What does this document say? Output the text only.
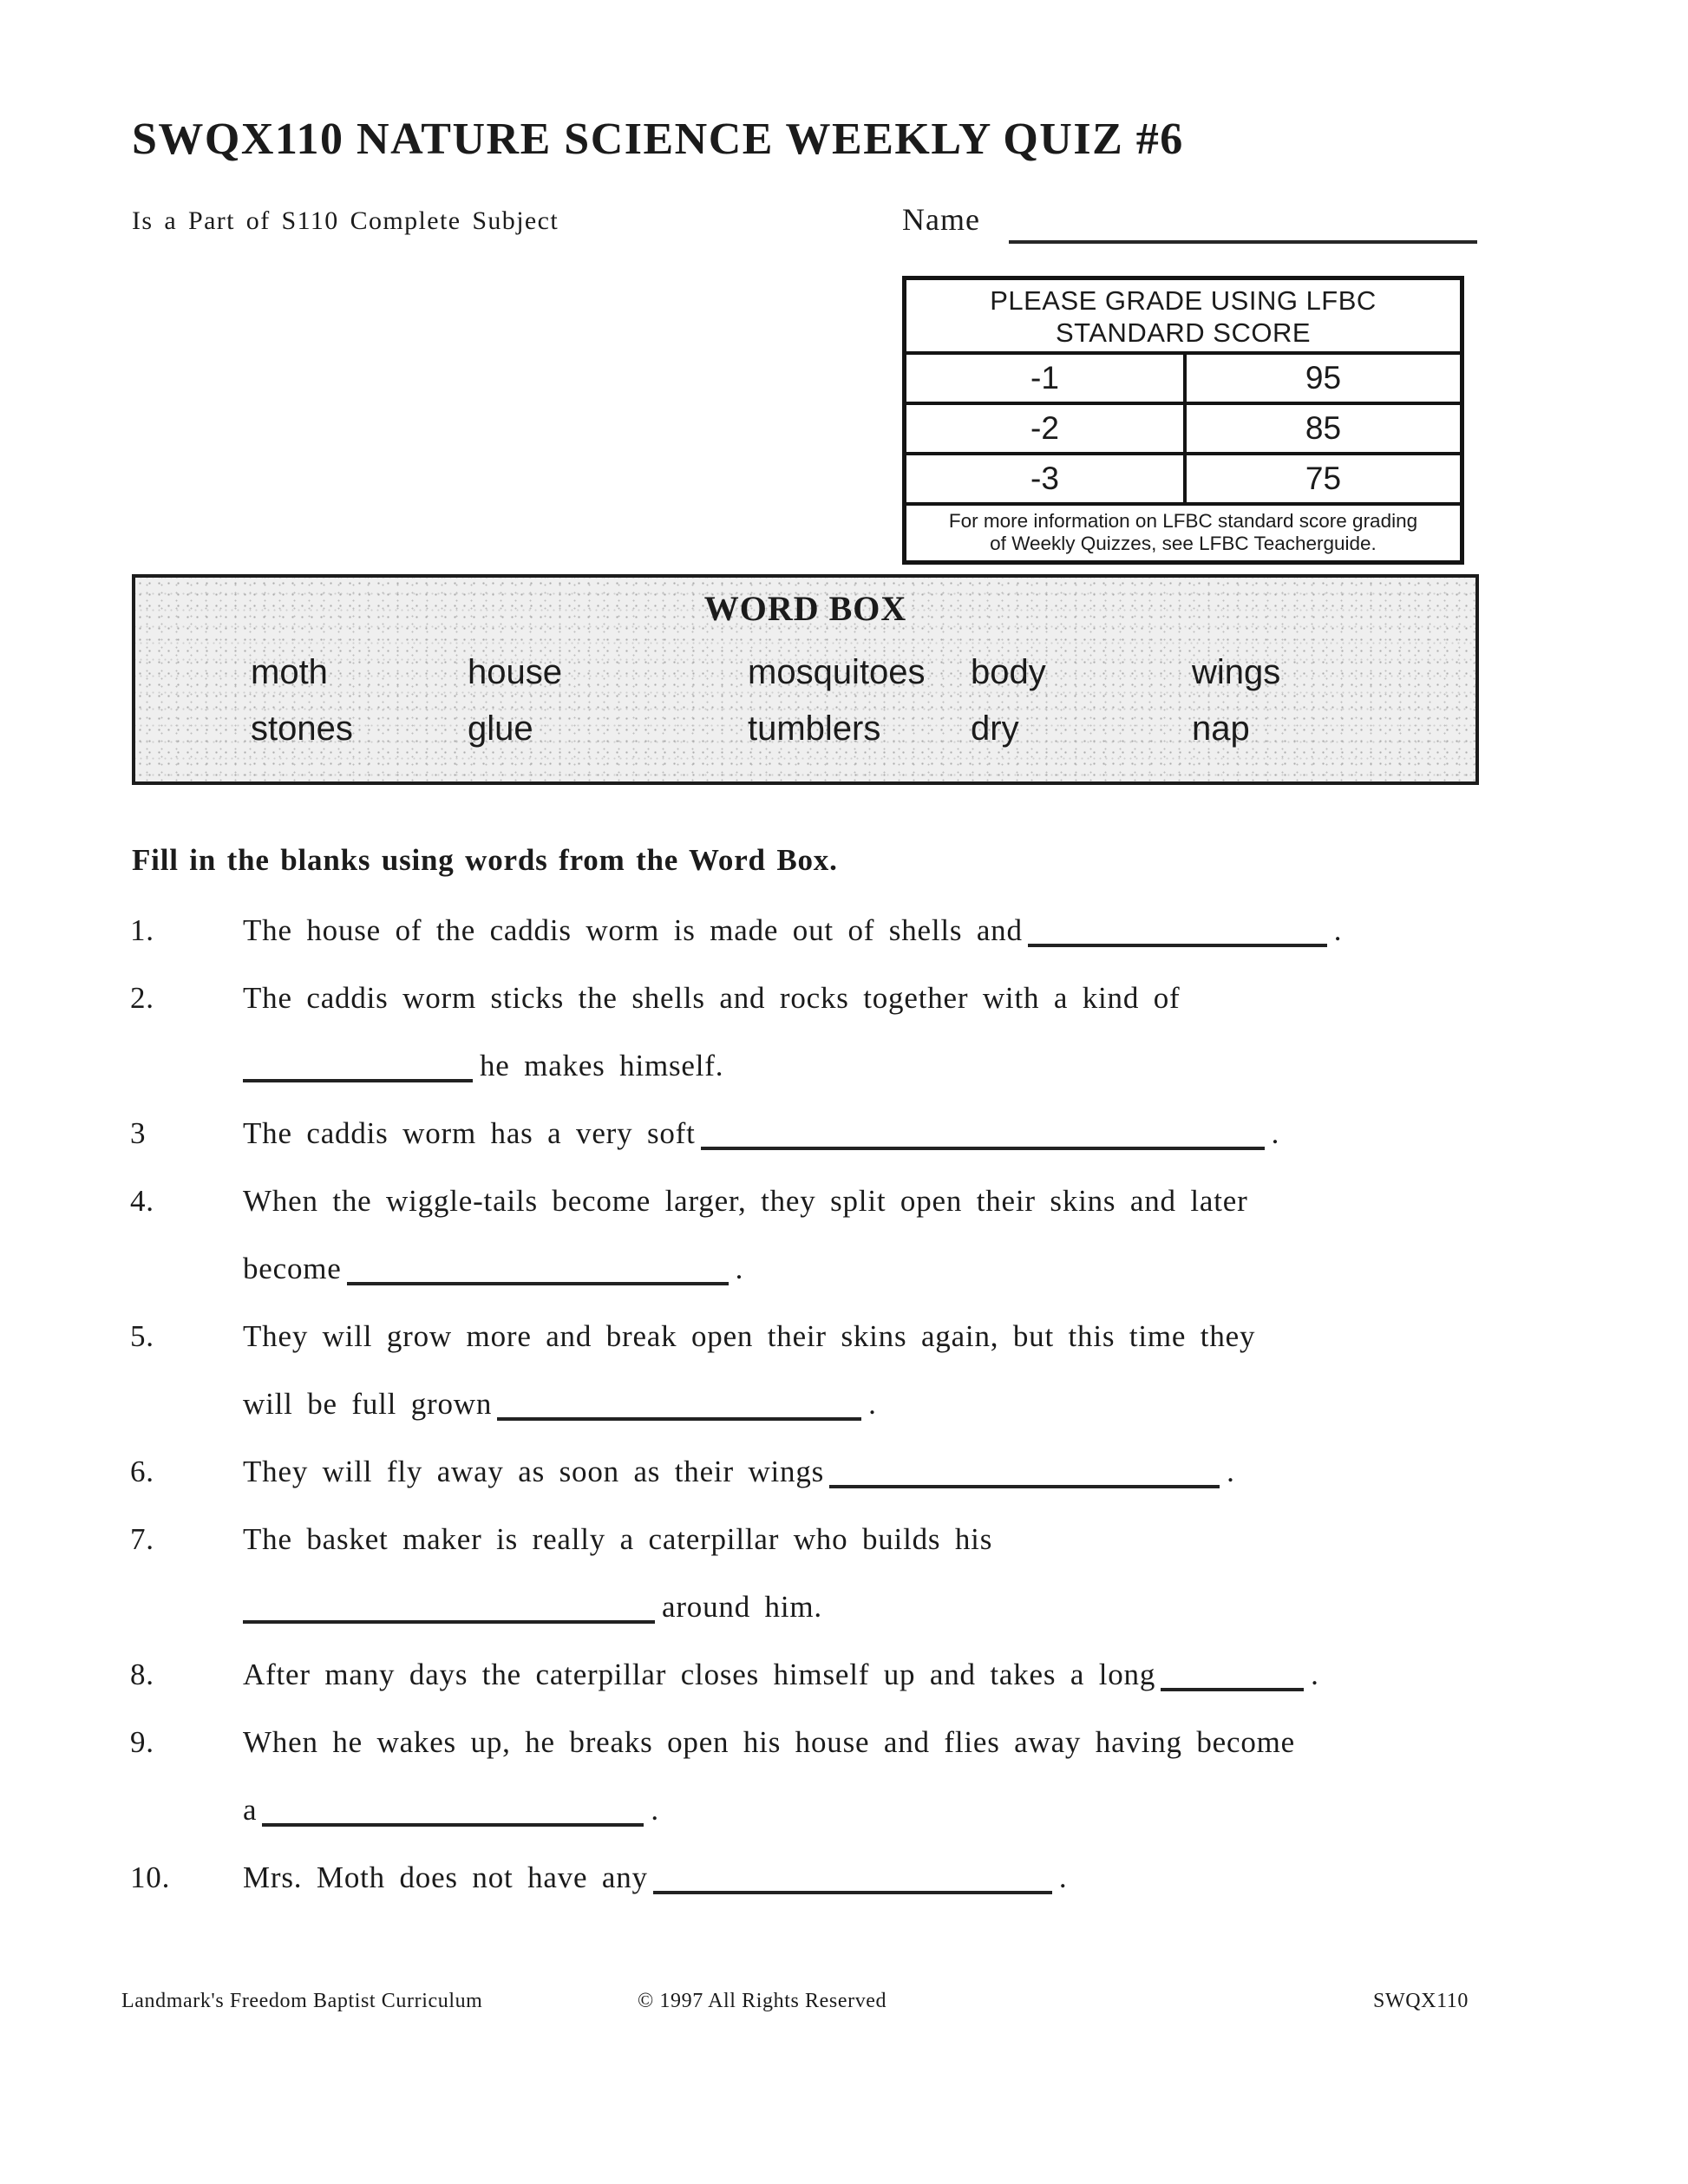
SWQX110 NATURE SCIENCE WEEKLY QUIZ #6
Is a Part of S110 Complete Subject	Name
PLEASE GRADE USING LFBC
STANDARD SCORE
-1	95
-2	85
-3	75
For more information on LFBC standard score grading
of Weekly Quizzes, see LFBC Teacherguide.
WORD BOX
moth	house	mosquitoes	body	wings
stones	glue	tumblers	dry	nap
Fill in the blanks using words from the Word Box.
1.	The house of the caddis worm is made out of shells and	.
2.	The caddis worm sticks the shells and rocks together with a kind of
he makes himself.
3	The caddis worm has a very soft	.
4.	When the wiggle-tails become larger, they split open their skins and later
become	.
5.	They will grow more and break open their skins again, but this time they
will be full grown	.
6.	They will fly away as soon as their wings	.
7.	The basket maker is really a caterpillar who builds his
around him.
8.	After many days the caterpillar closes himself up and takes a long	.
9.	When he wakes up, he breaks open his house and flies away having become
a	.
10.	Mrs. Moth does not have any	.
Landmark's Freedom Baptist Curriculum	© 1997 All Rights Reserved	SWQX110
